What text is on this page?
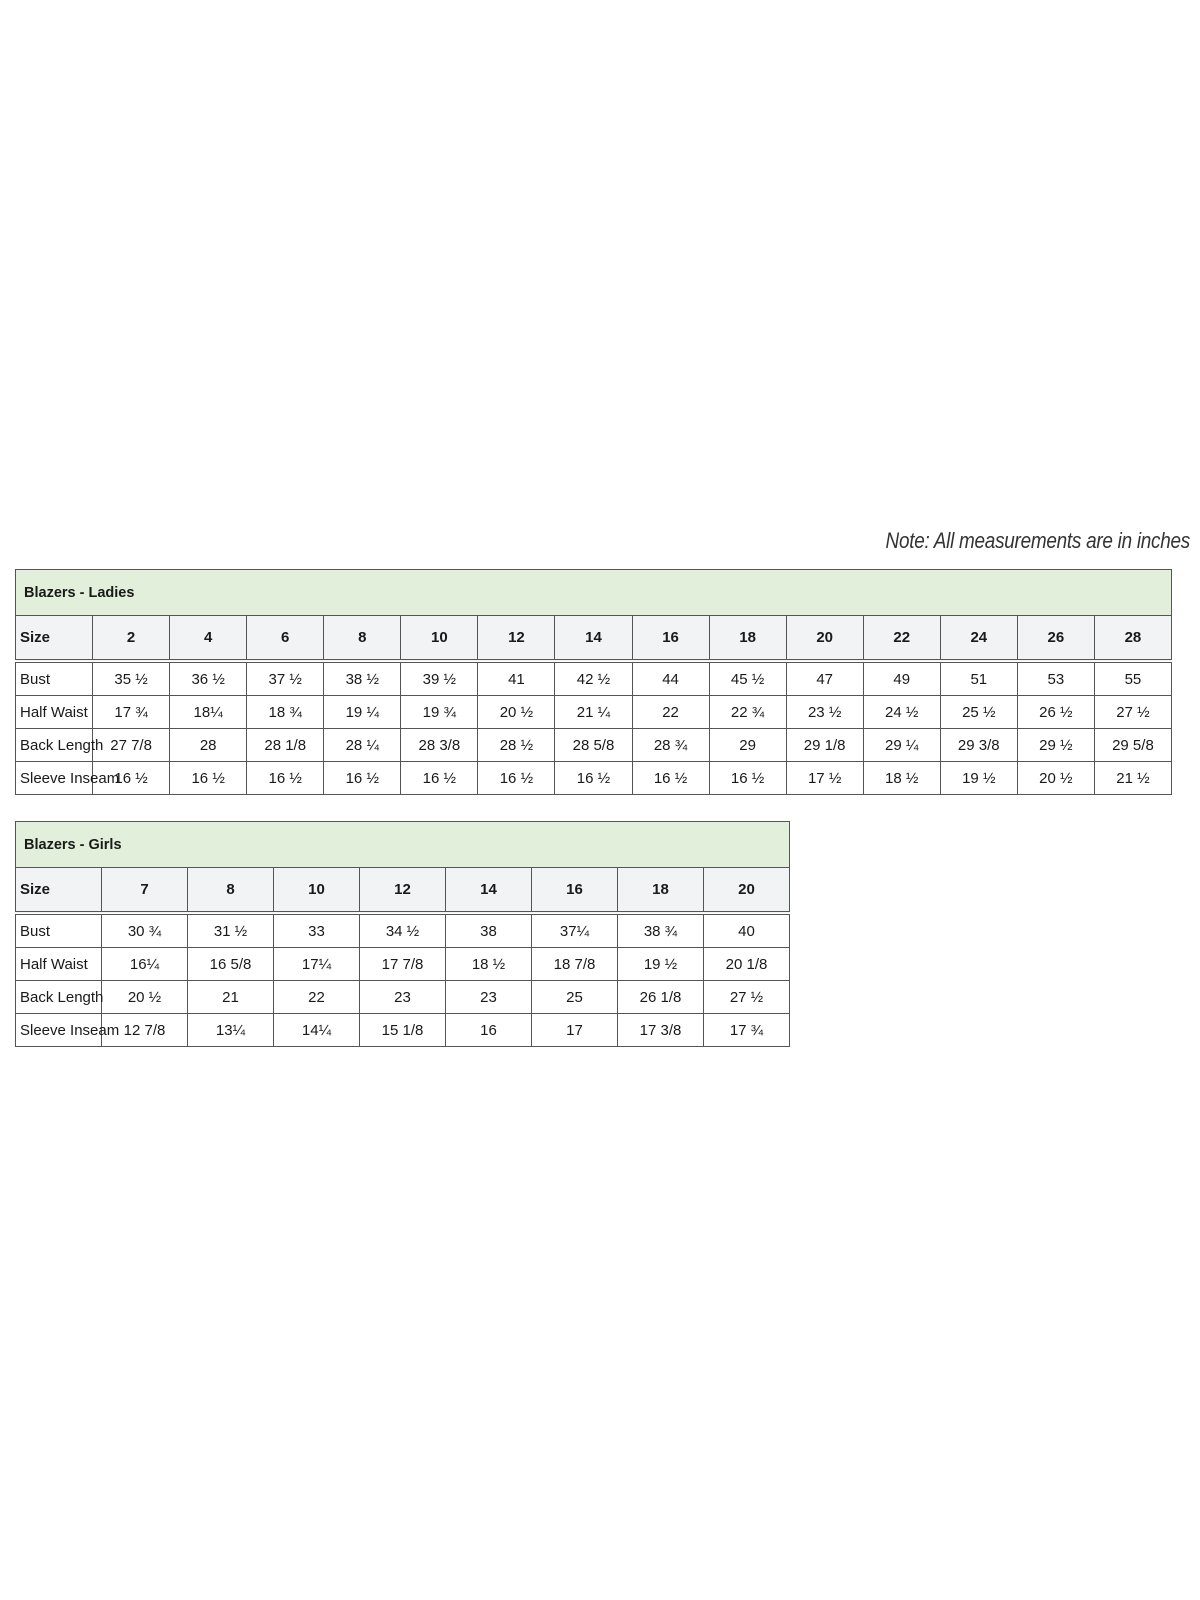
Note: All measurements are in inches
Blazers - Ladies														
Size	2	4	6	8	10	12	14	16	18	20	22	24	26	28
Bust	35 ½	36 ½	37 ½	38 ½	39 ½	41	42 ½	44	45 ½	47	49	51	53	55
Half Waist	17 ¾	18¼	18 ¾	19 ¼	19 ¾	20 ½	21 ¼	22	22 ¾	23 ½	24 ½	25 ½	26 ½	27 ½
Back Length	27 7/8	28	28 1/8	28 ¼	28 3/8	28 ½	28 5/8	28 ¾	29	29 1/8	29 ¼	29 3/8	29 ½	29 5/8
Sleeve Inseam	16 ½	16 ½	16 ½	16 ½	16 ½	16 ½	16 ½	16 ½	16 ½	17 ½	18 ½	19 ½	20 ½	21 ½
Blazers - Girls								
Size	7	8	10	12	14	16	18	20
Bust	30 ¾	31 ½	33	34 ½	38	37¼	38 ¾	40
Half Waist	16¼	16 5/8	17¼	17 7/8	18 ½	18 7/8	19 ½	20 1/8
Back Length	20 ½	21	22	23	23	25	26 1/8	27 ½
Sleeve Inseam	12 7/8	13¼	14¼	15 1/8	16	17	17 3/8	17 ¾
